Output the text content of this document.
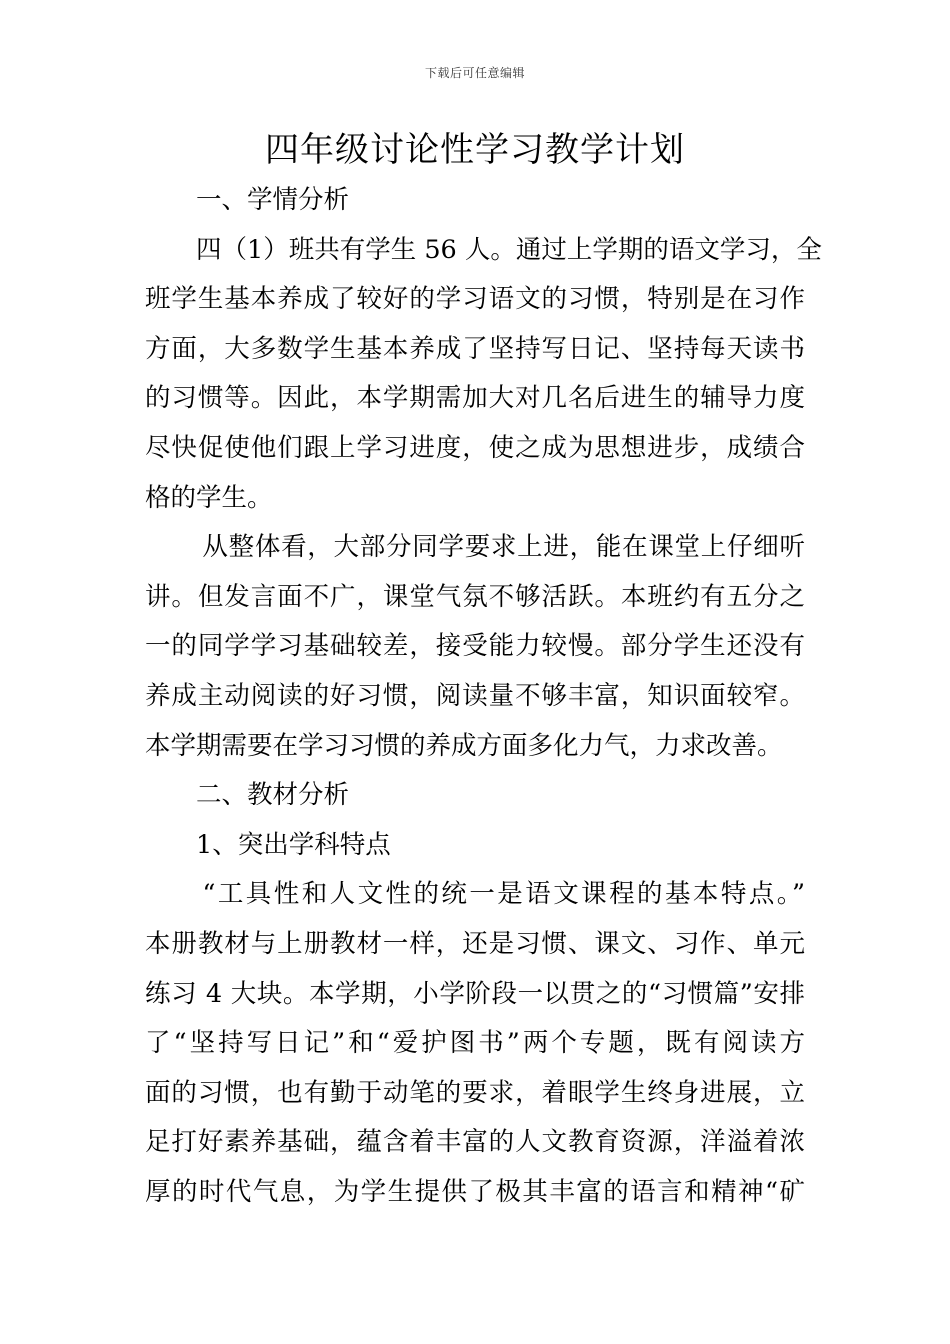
下载后可任意编辑
四年级讨论性学习教学计划

一、学情分析

四（1）班共有学生 56 人。通过上学期的语文学习，全
班学生基本养成了较好的学习语文的习惯，特别是在习作
方面，大多数学生基本养成了坚持写日记、坚持每天读书
的习惯等。因此，本学期需加大对几名后进生的辅导力度
尽快促使他们跟上学习进度，使之成为思想进步，成绩合
格的学生。

从整体看，大部分同学要求上进，能在课堂上仔细听
讲。但发言面不广，课堂气氛不够活跃。本班约有五分之
一的同学学习基础较差，接受能力较慢。部分学生还没有
养成主动阅读的好习惯，阅读量不够丰富，知识面较窄。
本学期需要在学习习惯的养成方面多化力气，力求改善。

二、教材分析

1、突出学科特点

“工具性和人文性的统一是语文课程的基本特点。”
本册教材与上册教材一样，还是习惯、课文、习作、单元
练习 4 大块。本学期，小学阶段一以贯之的“习惯篇”安排
了“坚持写日记”和“爱护图书”两个专题，既有阅读方
面的习惯，也有勤于动笔的要求，着眼学生终身进展，立
足打好素养基础，蕴含着丰富的人文教育资源，洋溢着浓
厚的时代气息，为学生提供了极其丰富的语言和精神“矿
